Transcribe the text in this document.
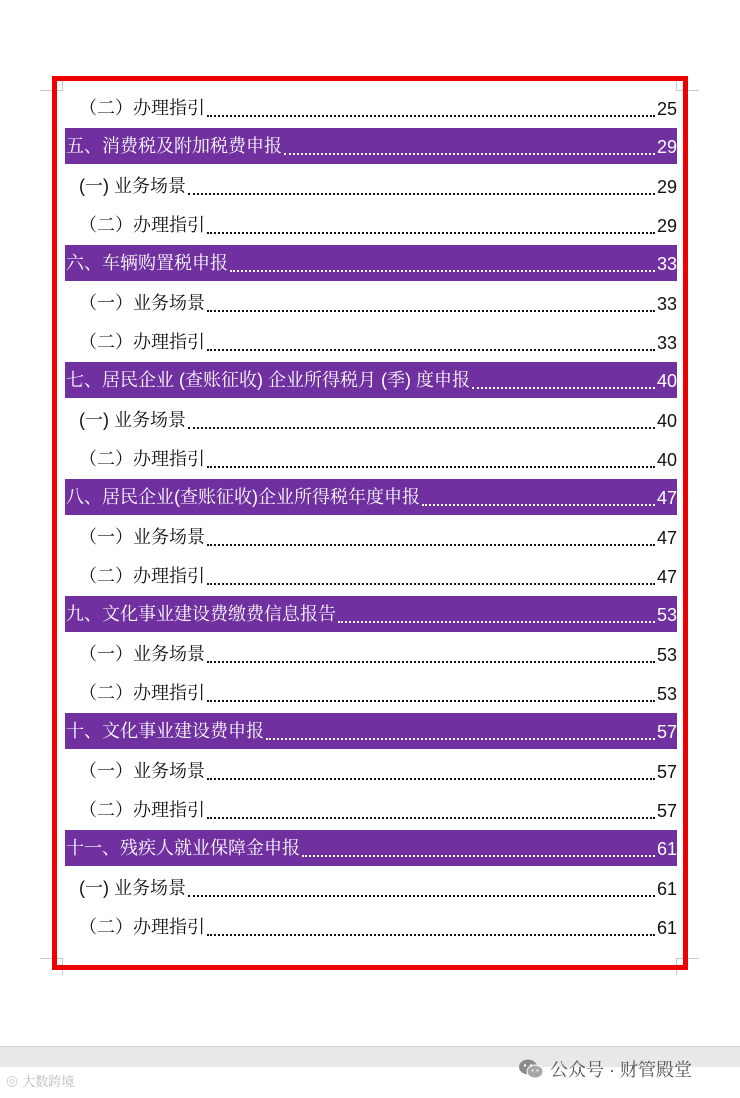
（二）办理指引	25
五、消费税及附加税费申报	29
(一) 业务场景	29
（二）办理指引	29
六、车辆购置税申报	33
（一）业务场景	33
（二）办理指引	33
七、居民企业 (查账征收) 企业所得税月 (季) 度申报	40
(一) 业务场景	40
（二）办理指引	40
八、居民企业(查账征收)企业所得税年度申报	47
（一）业务场景	47
（二）办理指引	47
九、文化事业建设费缴费信息报告	53
（一）业务场景	53
（二）办理指引	53
十、文化事业建设费申报	57
（一）业务场景	57
（二）办理指引	57
十一、残疾人就业保障金申报	61
(一) 业务场景	61
（二）办理指引	61
公众号 · 财管殿堂
◎ 大数跨境
